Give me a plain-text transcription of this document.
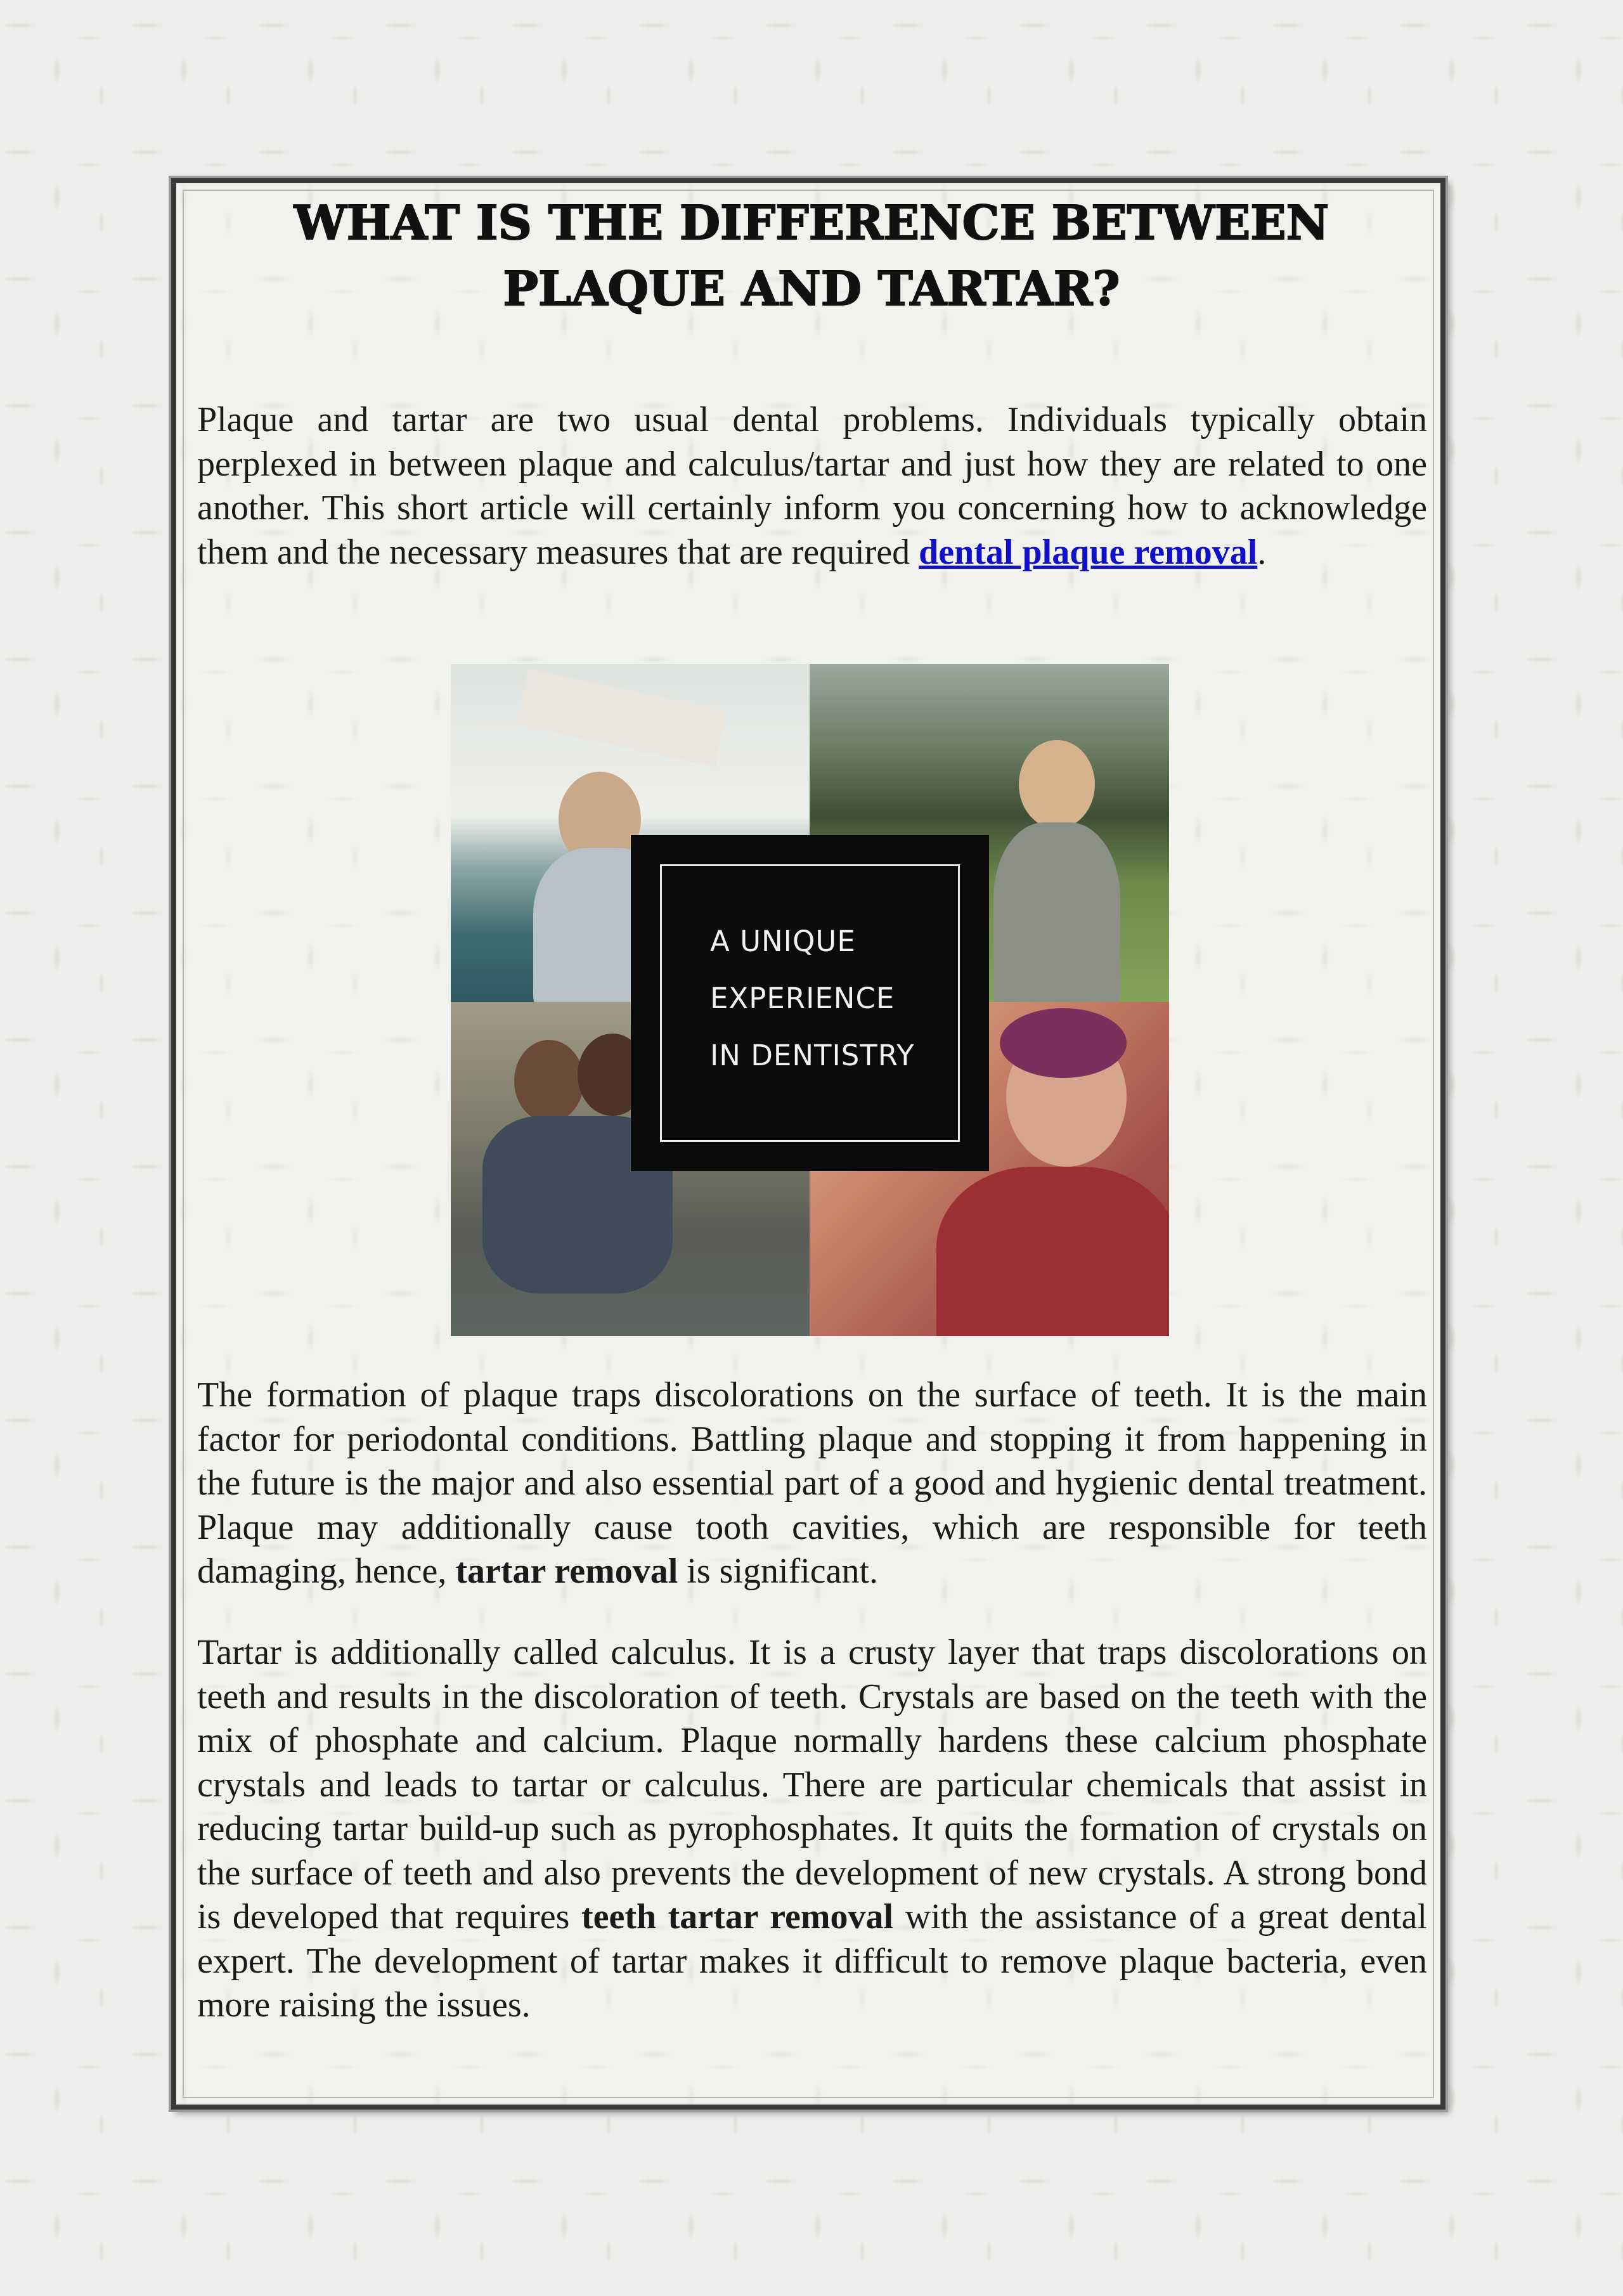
WHAT IS THE DIFFERENCE BETWEEN PLAQUE AND TARTAR?

Plaque and tartar are two usual dental problems. Individuals typically obtain perplexed in between plaque and calculus/tartar and just how they are related to one another. This short article will certainly inform you concerning how to acknowledge them and the necessary measures that are required dental plaque removal.

A UNIQUE
EXPERIENCE
IN DENTISTRY

The formation of plaque traps discolorations on the surface of teeth. It is the main factor for periodontal conditions. Battling plaque and stopping it from happening in the future is the major and also essential part of a good and hygienic dental treatment. Plaque may additionally cause tooth cavities, which are responsible for teeth damaging, hence, tartar removal is significant.

Tartar is additionally called calculus. It is a crusty layer that traps discolorations on teeth and results in the discoloration of teeth. Crystals are based on the teeth with the mix of phosphate and calcium. Plaque normally hardens these calcium phosphate crystals and leads to tartar or calculus. There are particular chemicals that assist in reducing tartar build-up such as pyrophosphates. It quits the formation of crystals on the surface of teeth and also prevents the development of new crystals. A strong bond is developed that requires teeth tartar removal with the assistance of a great dental expert. The development of tartar makes it difficult to remove plaque bacteria, even more raising the issues.
